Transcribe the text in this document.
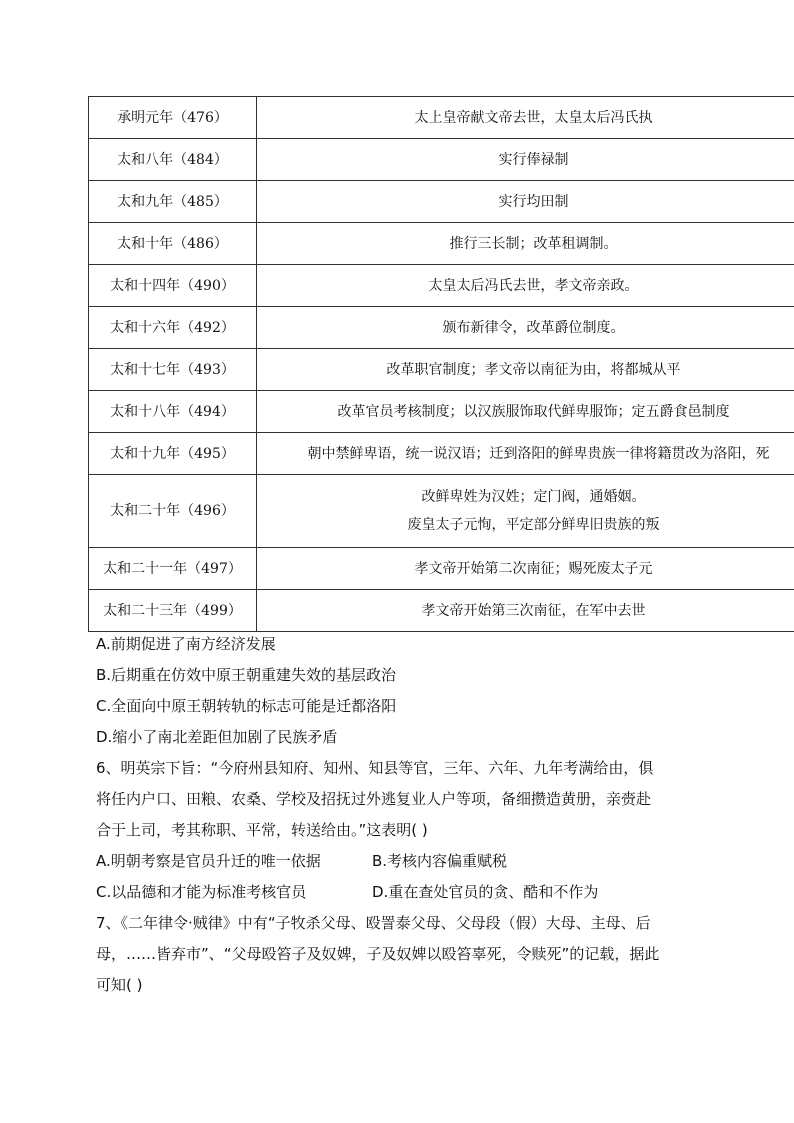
承明元年（476）	太上皇帝献文帝去世，太皇太后冯氏执

太和八年（484）	实行俸禄制

太和九年（485）	实行均田制

太和十年（486）	推行三长制；改革租调制。

太和十四年（490）	太皇太后冯氏去世，孝文帝亲政。

太和十六年（492）	颁布新律令，改革爵位制度。

太和十七年（493）	改革职官制度；孝文帝以南征为由，将都城从平

太和十八年（494）	改革官员考核制度；以汉族服饰取代鲜卑服饰；定五爵食邑制度

太和十九年（495）	朝中禁鲜卑语，统一说汉语；迁到洛阳的鲜卑贵族一律将籍贯改为洛阳，死

太和二十年（496）	改鲜卑姓为汉姓；定门阀，通婚姻。
废皇太子元恂，平定部分鲜卑旧贵族的叛

太和二十一年（497）	孝文帝开始第二次南征；赐死废太子元

太和二十三年（499）	孝文帝开始第三次南征，在军中去世
A.前期促进了南方经济发展
B.后期重在仿效中原王朝重建失效的基层政治
C.全面向中原王朝转轨的标志可能是迁都洛阳
D.缩小了南北差距但加剧了民族矛盾
6、明英宗下旨：“今府州县知府、知州、知县等官，三年、六年、九年考满给由，俱
将任内户口、田粮、农桑、学校及招抚过外逃复业人户等项，备细攒造黄册，亲赍赴
合于上司，考其称职、平常，转送给由。”这表明( )
A.明朝考察是官员升迁的唯一依据	B.考核内容偏重赋税
C.以品德和才能为标准考核官员	D.重在查处官员的贪、酷和不作为
7、《二年律令·贼律》中有“子牧杀父母、殴詈泰父母、父母段（假）大母、主母、后
母，……皆弃市”、“父母殴笞子及奴婢，子及奴婢以殴笞辜死，令赎死”的记载，据此
可知( )
